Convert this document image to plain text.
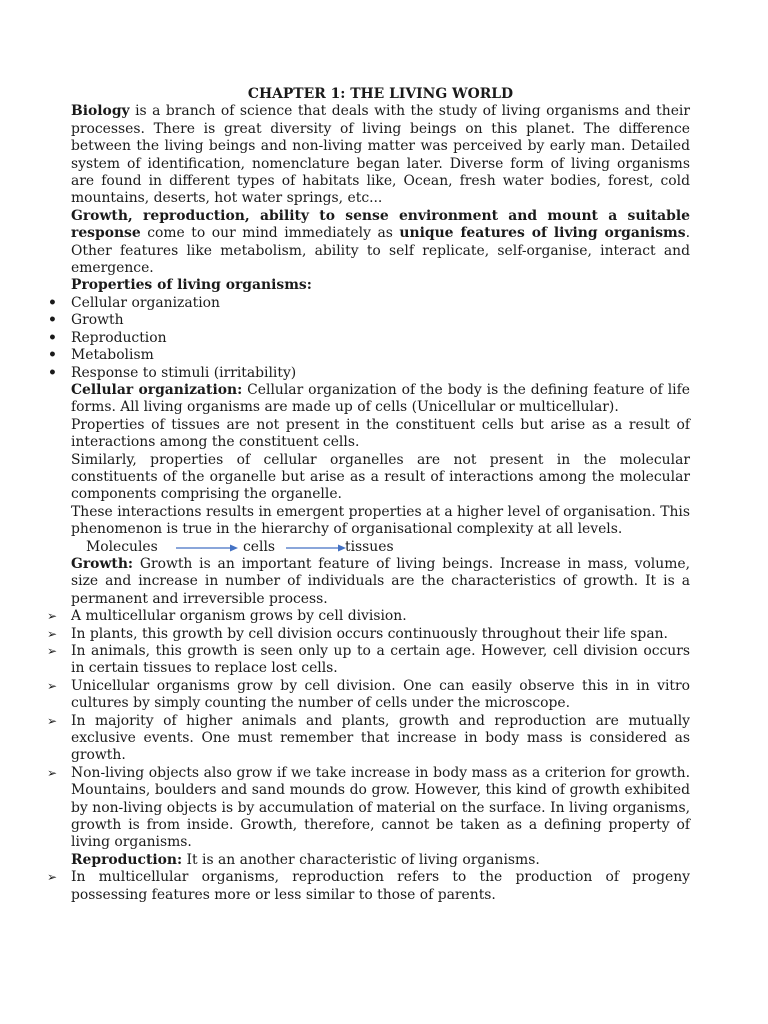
CHAPTER 1: THE LIVING WORLD

Biology is a branch of science that deals with the study of living organisms and their processes. There is great diversity of living beings on this planet. The difference between the living beings and non-living matter was perceived by early man. Detailed system of identification, nomenclature began later. Diverse form of living organisms are found in different types of habitats like, Ocean, fresh water bodies, forest, cold mountains, deserts, hot water springs, etc...

Growth, reproduction, ability to sense environment and mount a suitable response come to our mind immediately as unique features of living organisms. Other features like metabolism, ability to self replicate, self-organise, interact and emergence.

Properties of living organisms:

• Cellular organization
• Growth
• Reproduction
• Metabolism
• Response to stimuli (irritability)

Cellular organization: Cellular organization of the body is the defining feature of life forms. All living organisms are made up of cells (Unicellular or multicellular).

Properties of tissues are not present in the constituent cells but arise as a result of interactions among the constituent cells.

Similarly, properties of cellular organelles are not present in the molecular constituents of the organelle but arise as a result of interactions among the molecular components comprising the organelle.

These interactions results in emergent properties at a higher level of organisation. This phenomenon is true in the hierarchy of organisational complexity at all levels.

Molecules	cells	tissues

Growth: Growth is an important feature of living beings. Increase in mass, volume, size and increase in number of individuals are the characteristics of growth. It is a permanent and irreversible process.

➢ A multicellular organism grows by cell division.
➢ In plants, this growth by cell division occurs continuously throughout their life span.
➢ In animals, this growth is seen only up to a certain age. However, cell division occurs in certain tissues to replace lost cells.
➢ Unicellular organisms grow by cell division. One can easily observe this in in vitro cultures by simply counting the number of cells under the microscope.
➢ In majority of higher animals and plants, growth and reproduction are mutually exclusive events. One must remember that increase in body mass is considered as growth.
➢ Non-living objects also grow if we take increase in body mass as a criterion for growth. Mountains, boulders and sand mounds do grow. However, this kind of growth exhibited by non-living objects is by accumulation of material on the surface. In living organisms, growth is from inside. Growth, therefore, cannot be taken as a defining property of living organisms.

Reproduction: It is an another characteristic of living organisms.

➢ In multicellular organisms, reproduction refers to the production of progeny possessing features more or less similar to those of parents.
